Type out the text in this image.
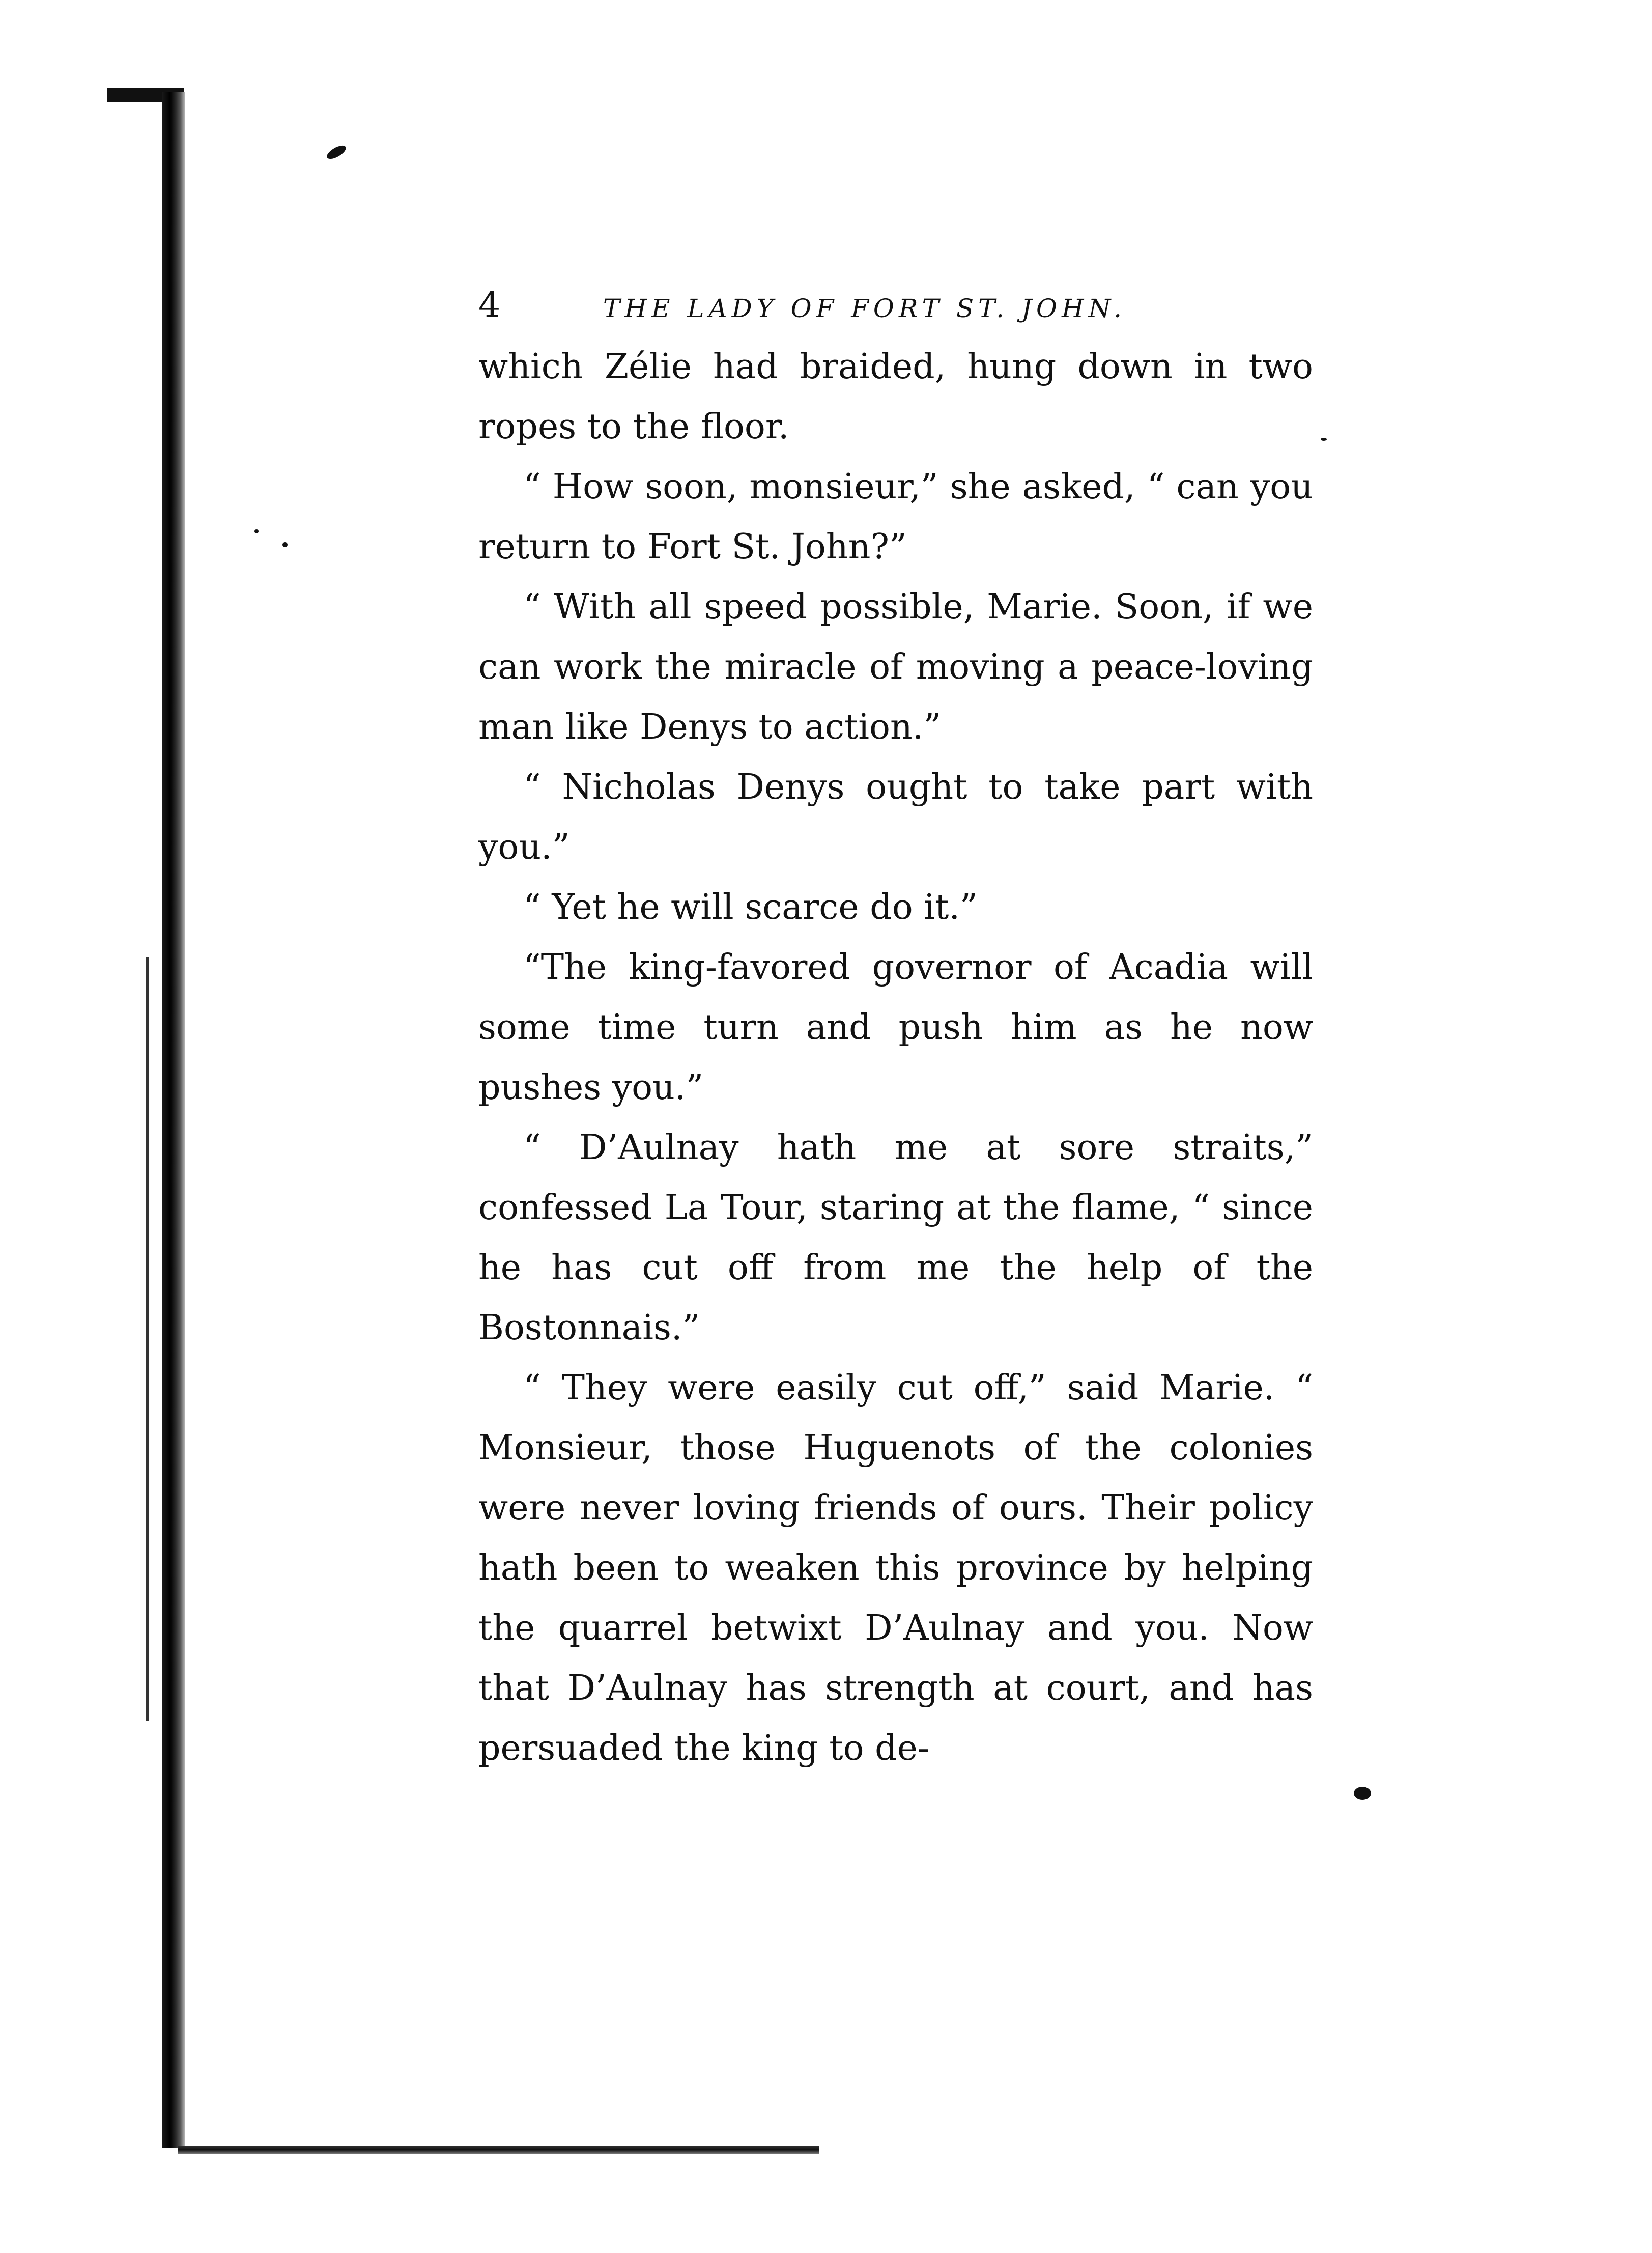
4	THE LADY OF FORT ST. JOHN.

which Zélie had braided, hung down in two ropes to the floor.

“ How soon, monsieur,” she asked, “ can you return to Fort St. John?”

“ With all speed possible, Marie. Soon, if we can work the miracle of moving a peace-loving man like Denys to action.”

“ Nicholas Denys ought to take part with you.”

“ Yet he will scarce do it.”

“The king-favored governor of Acadia will some time turn and push him as he now pushes you.”

“ D’Aulnay hath me at sore straits,” confessed La Tour, staring at the flame, “ since he has cut off from me the help of the Bostonnais.”

“ They were easily cut off,” said Marie. “ Monsieur, those Huguenots of the colonies were never loving friends of ours. Their policy hath been to weaken this province by helping the quarrel betwixt D’Aulnay and you. Now that D’Aulnay has strength at court, and has persuaded the king to de-
